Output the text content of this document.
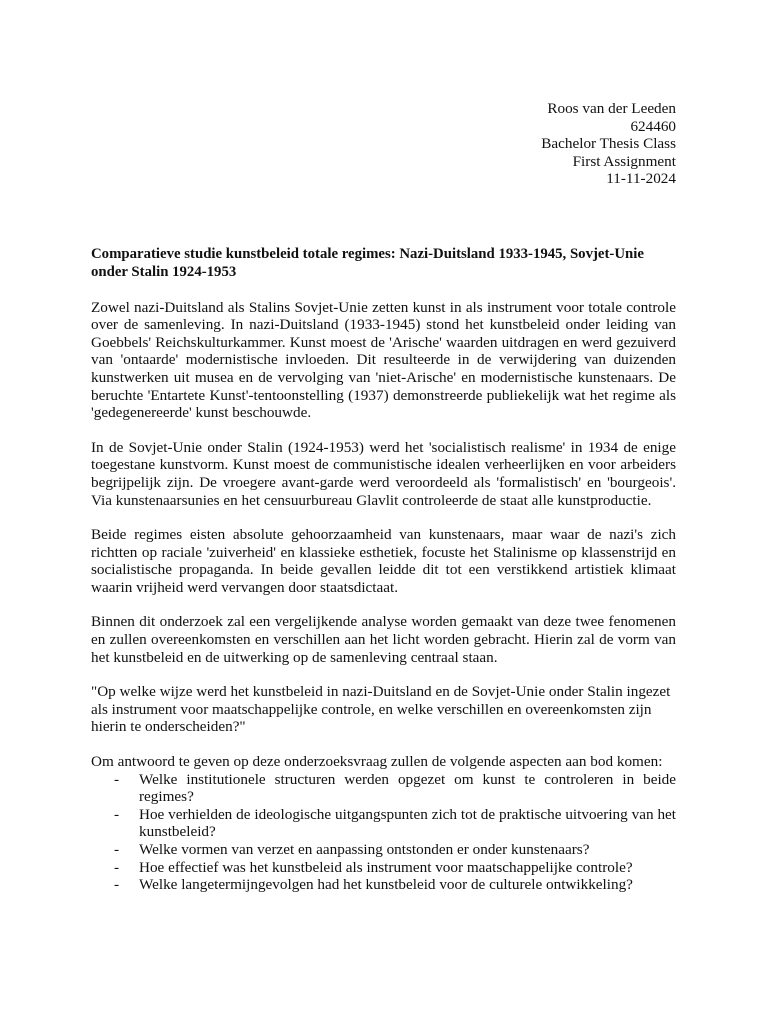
Roos van der Leeden
624460
Bachelor Thesis Class
First Assignment
11-11-2024

Comparatieve studie kunstbeleid totale regimes: Nazi-Duitsland 1933-1945, Sovjet-Unie onder Stalin 1924-1953

Zowel nazi-Duitsland als Stalins Sovjet-Unie zetten kunst in als instrument voor totale controle over de samenleving. In nazi-Duitsland (1933-1945) stond het kunstbeleid onder leiding van Goebbels' Reichskulturkammer. Kunst moest de 'Arische' waarden uitdragen en werd gezuiverd van 'ontaarde' modernistische invloeden. Dit resulteerde in de verwijdering van duizenden kunstwerken uit musea en de vervolging van 'niet-Arische' en modernistische kunstenaars. De beruchte 'Entartete Kunst'-tentoonstelling (1937) demonstreerde publiekelijk wat het regime als 'gedegenereerde' kunst beschouwde.

In de Sovjet-Unie onder Stalin (1924-1953) werd het 'socialistisch realisme' in 1934 de enige toegestane kunstvorm. Kunst moest de communistische idealen verheerlijken en voor arbeiders begrijpelijk zijn. De vroegere avant-garde werd veroordeeld als 'formalistisch' en 'bourgeois'. Via kunstenaarsunies en het censuurbureau Glavlit controleerde de staat alle kunstproductie.

Beide regimes eisten absolute gehoorzaamheid van kunstenaars, maar waar de nazi's zich richtten op raciale 'zuiverheid' en klassieke esthetiek, focuste het Stalinisme op klassenstrijd en socialistische propaganda. In beide gevallen leidde dit tot een verstikkend artistiek klimaat waarin vrijheid werd vervangen door staatsdictaat.

Binnen dit onderzoek zal een vergelijkende analyse worden gemaakt van deze twee fenomenen en zullen overeenkomsten en verschillen aan het licht worden gebracht. Hierin zal de vorm van het kunstbeleid en de uitwerking op de samenleving centraal staan.

"Op welke wijze werd het kunstbeleid in nazi-Duitsland en de Sovjet-Unie onder Stalin ingezet als instrument voor maatschappelijke controle, en welke verschillen en overeenkomsten zijn hierin te onderscheiden?"

Om antwoord te geven op deze onderzoeksvraag zullen de volgende aspecten aan bod komen:

- Welke institutionele structuren werden opgezet om kunst te controleren in beide regimes?
- Hoe verhielden de ideologische uitgangspunten zich tot de praktische uitvoering van het kunstbeleid?
- Welke vormen van verzet en aanpassing ontstonden er onder kunstenaars?
- Hoe effectief was het kunstbeleid als instrument voor maatschappelijke controle?
- Welke langetermijngevolgen had het kunstbeleid voor de culturele ontwikkeling?
